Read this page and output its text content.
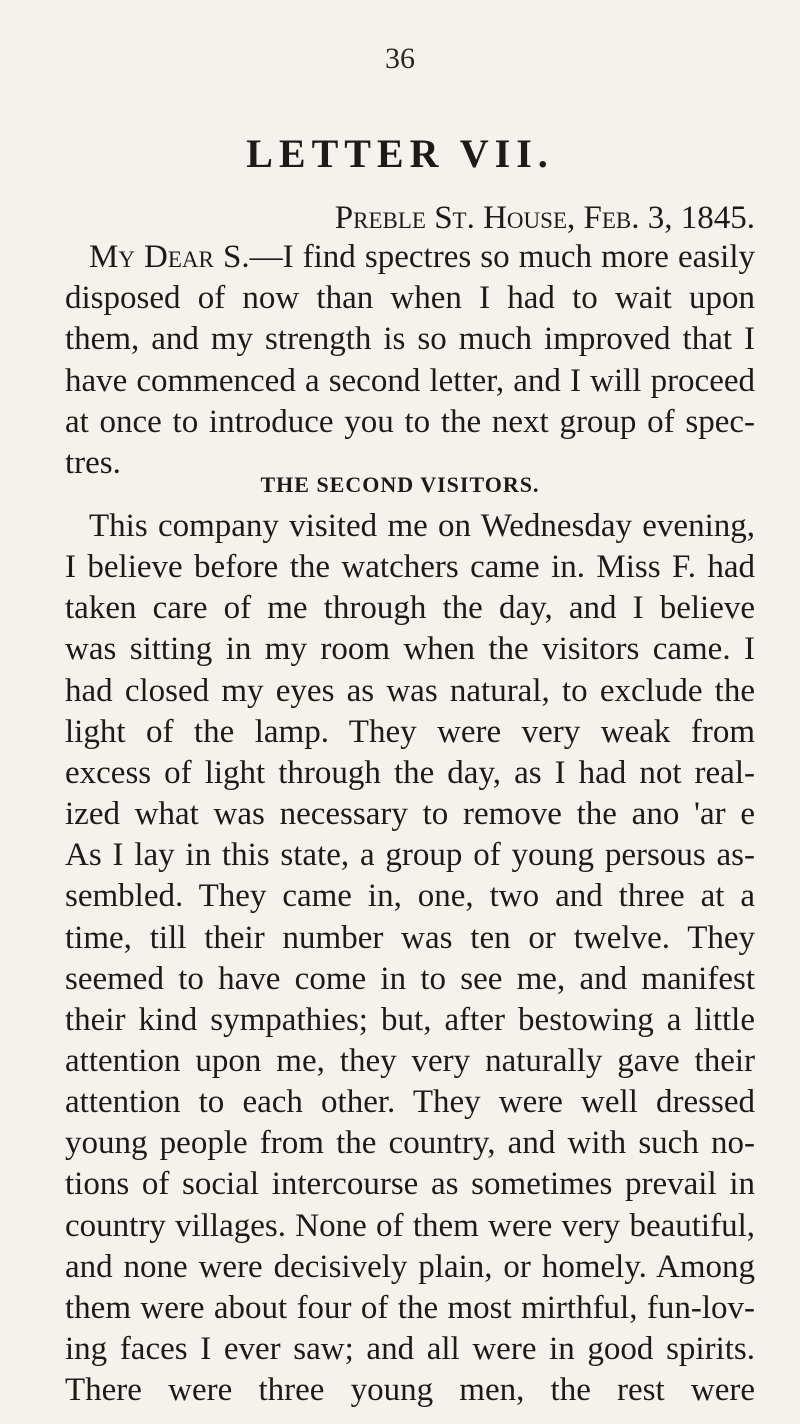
36
LETTER VII.
Preble St. House, Feb. 3, 1845.
My Dear S.—I find spectres so much more easily
disposed of now than when I had to wait upon
them, and my strength is so much improved that I
have commenced a second letter, and I will proceed
at once to introduce you to the next group of spec-
tres.
THE SECOND VISITORS.
This company visited me on Wednesday evening,
I believe before the watchers came in. Miss F. had
taken care of me through the day, and I believe
was sitting in my room when the visitors came. I
had closed my eyes as was natural, to exclude the
light of the lamp. They were very weak from
excess of light through the day, as I had not real-
ized what was necessary to remove the ano 'ar e
As I lay in this state, a group of young persous as-
sembled. They came in, one, two and three at a
time, till their number was ten or twelve. They
seemed to have come in to see me, and manifest
their kind sympathies; but, after bestowing a little
attention upon me, they very naturally gave their
attention to each other. They were well dressed
young people from the country, and with such no-
tions of social intercourse as sometimes prevail in
country villages. None of them were very beautiful,
and none were decisively plain, or homely. Among
them were about four of the most mirthful, fun-lov-
ing faces I ever saw; and all were in good spirits.
There were three young men, the rest were
